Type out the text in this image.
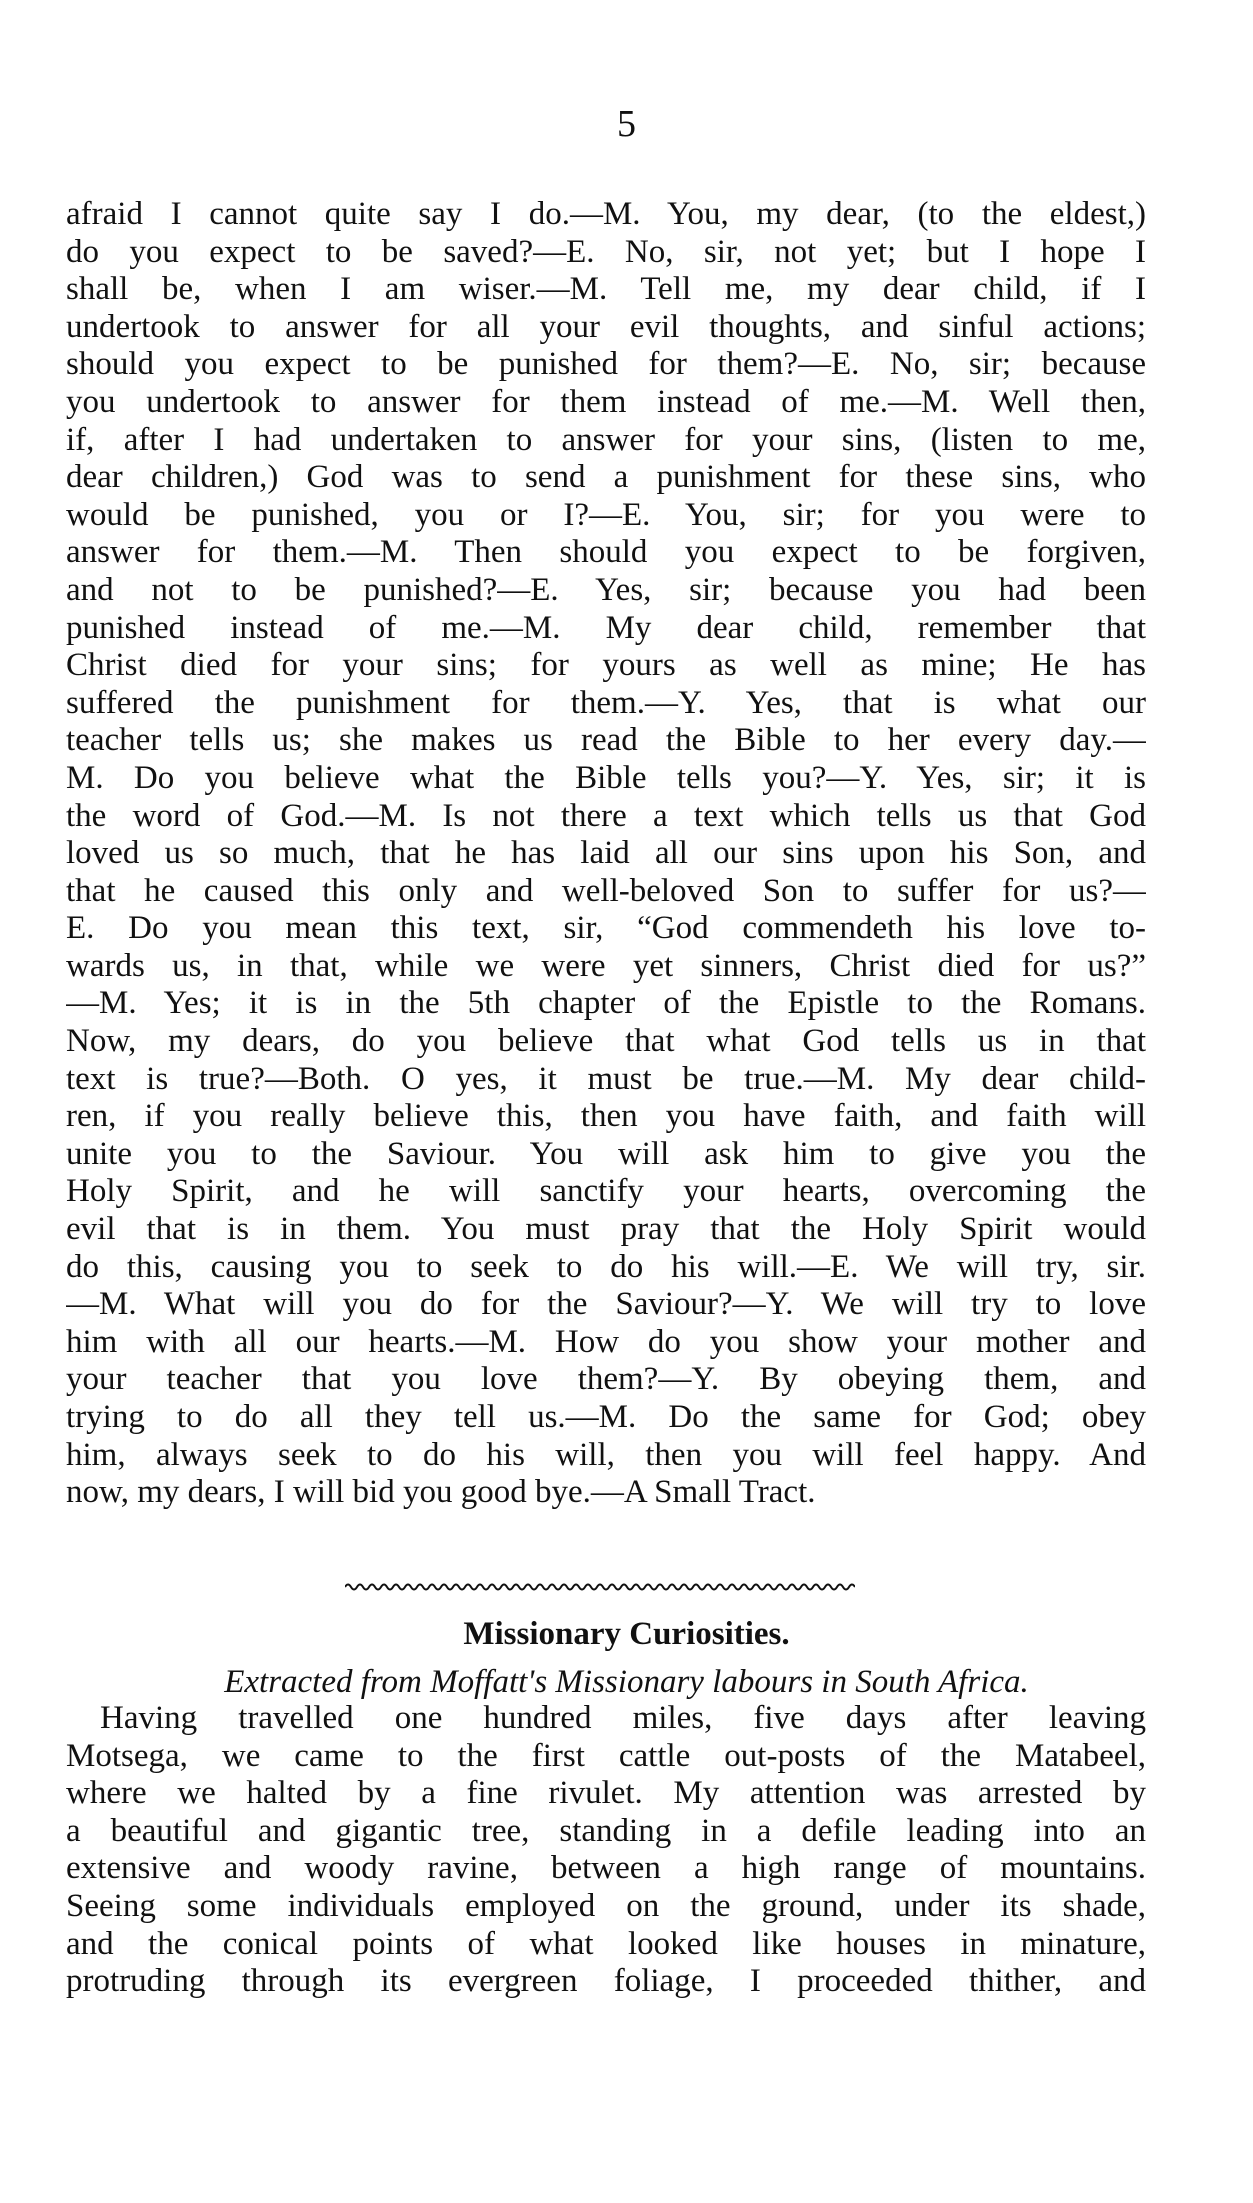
5
afraid I cannot quite say I do.—M. You, my dear, (to the eldest,)
do you expect to be saved?—E. No, sir, not yet; but I hope I
shall be, when I am wiser.—M. Tell me, my dear child, if I
undertook to answer for all your evil thoughts, and sinful actions;
should you expect to be punished for them?—E. No, sir; because
you undertook to answer for them instead of me.—M. Well then,
if, after I had undertaken to answer for your sins, (listen to me,
dear children,) God was to send a punishment for these sins, who
would be punished, you or I?—E. You, sir; for you were to
answer for them.—M. Then should you expect to be forgiven,
and not to be punished?—E. Yes, sir; because you had been
punished instead of me.—M. My dear child, remember that
Christ died for your sins; for yours as well as mine; He has
suffered the punishment for them.—Y. Yes, that is what our
teacher tells us; she makes us read the Bible to her every day.—
M. Do you believe what the Bible tells you?—Y. Yes, sir; it is
the word of God.—M. Is not there a text which tells us that God
loved us so much, that he has laid all our sins upon his Son, and
that he caused this only and well-beloved Son to suffer for us?—
E. Do you mean this text, sir, “God commendeth his love to-
wards us, in that, while we were yet sinners, Christ died for us?”
—M. Yes; it is in the 5th chapter of the Epistle to the Romans.
Now, my dears, do you believe that what God tells us in that
text is true?—Both. O yes, it must be true.—M. My dear child-
ren, if you really believe this, then you have faith, and faith will
unite you to the Saviour. You will ask him to give you the
Holy Spirit, and he will sanctify your hearts, overcoming the
evil that is in them. You must pray that the Holy Spirit would
do this, causing you to seek to do his will.—E. We will try, sir.
—M. What will you do for the Saviour?—Y. We will try to love
him with all our hearts.—M. How do you show your mother and
your teacher that you love them?—Y. By obeying them, and
trying to do all they tell us.—M. Do the same for God; obey
him, always seek to do his will, then you will feel happy. And
now, my dears, I will bid you good bye.—A Small Tract.
Missionary Curiosities.
Extracted from Moffatt's Missionary labours in South Africa.
Having travelled one hundred miles, five days after leaving
Motsega, we came to the first cattle out-posts of the Matabeel,
where we halted by a fine rivulet. My attention was arrested by
a beautiful and gigantic tree, standing in a defile leading into an
extensive and woody ravine, between a high range of mountains.
Seeing some individuals employed on the ground, under its shade,
and the conical points of what looked like houses in minature,
protruding through its evergreen foliage, I proceeded thither, and
